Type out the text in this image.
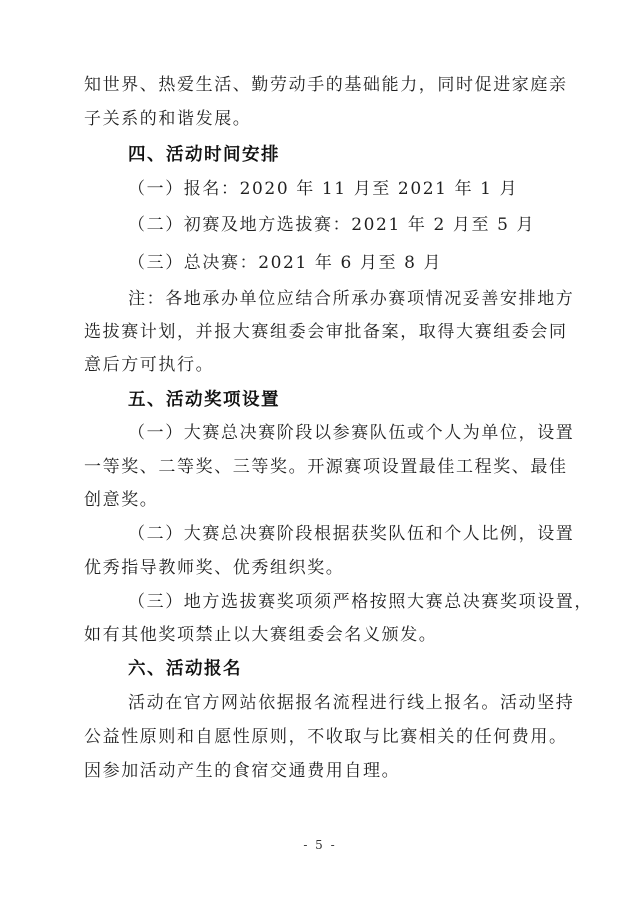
知世界、热爱生活、勤劳动手的基础能力，同时促进家庭亲
子关系的和谐发展。
四、活动时间安排
（一）报名：2020 年 11 月至 2021 年 1 月
（二）初赛及地方选拔赛：2021 年 2 月至 5 月
（三）总决赛：2021 年 6 月至 8 月
注：各地承办单位应结合所承办赛项情况妥善安排地方
选拔赛计划，并报大赛组委会审批备案，取得大赛组委会同
意后方可执行。
五、活动奖项设置
（一）大赛总决赛阶段以参赛队伍或个人为单位，设置
一等奖、二等奖、三等奖。开源赛项设置最佳工程奖、最佳
创意奖。
（二）大赛总决赛阶段根据获奖队伍和个人比例，设置
优秀指导教师奖、优秀组织奖。
（三）地方选拔赛奖项须严格按照大赛总决赛奖项设置，
如有其他奖项禁止以大赛组委会名义颁发。
六、活动报名
活动在官方网站依据报名流程进行线上报名。活动坚持
公益性原则和自愿性原则，不收取与比赛相关的任何费用。
因参加活动产生的食宿交通费用自理。
- 5 -
